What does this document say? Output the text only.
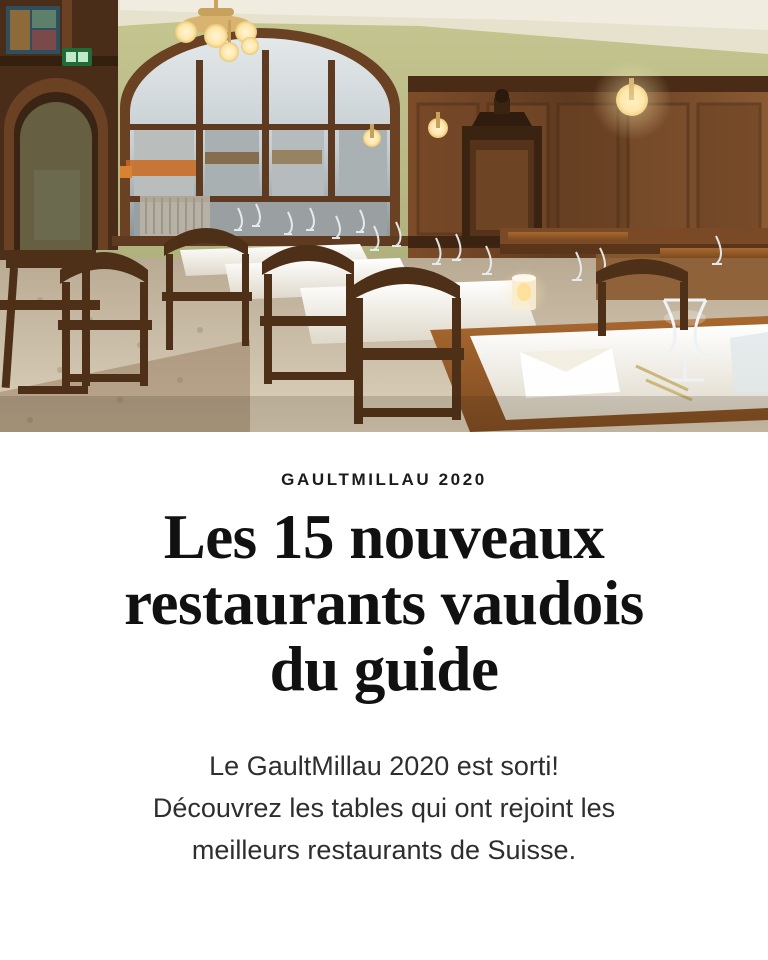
GAULTMILLAU 2020
Les 15 nouveaux
restaurants vaudois
du guide

Le GaultMillau 2020 est sorti!
Découvrez les tables qui ont rejoint les
meilleurs restaurants de Suisse.
